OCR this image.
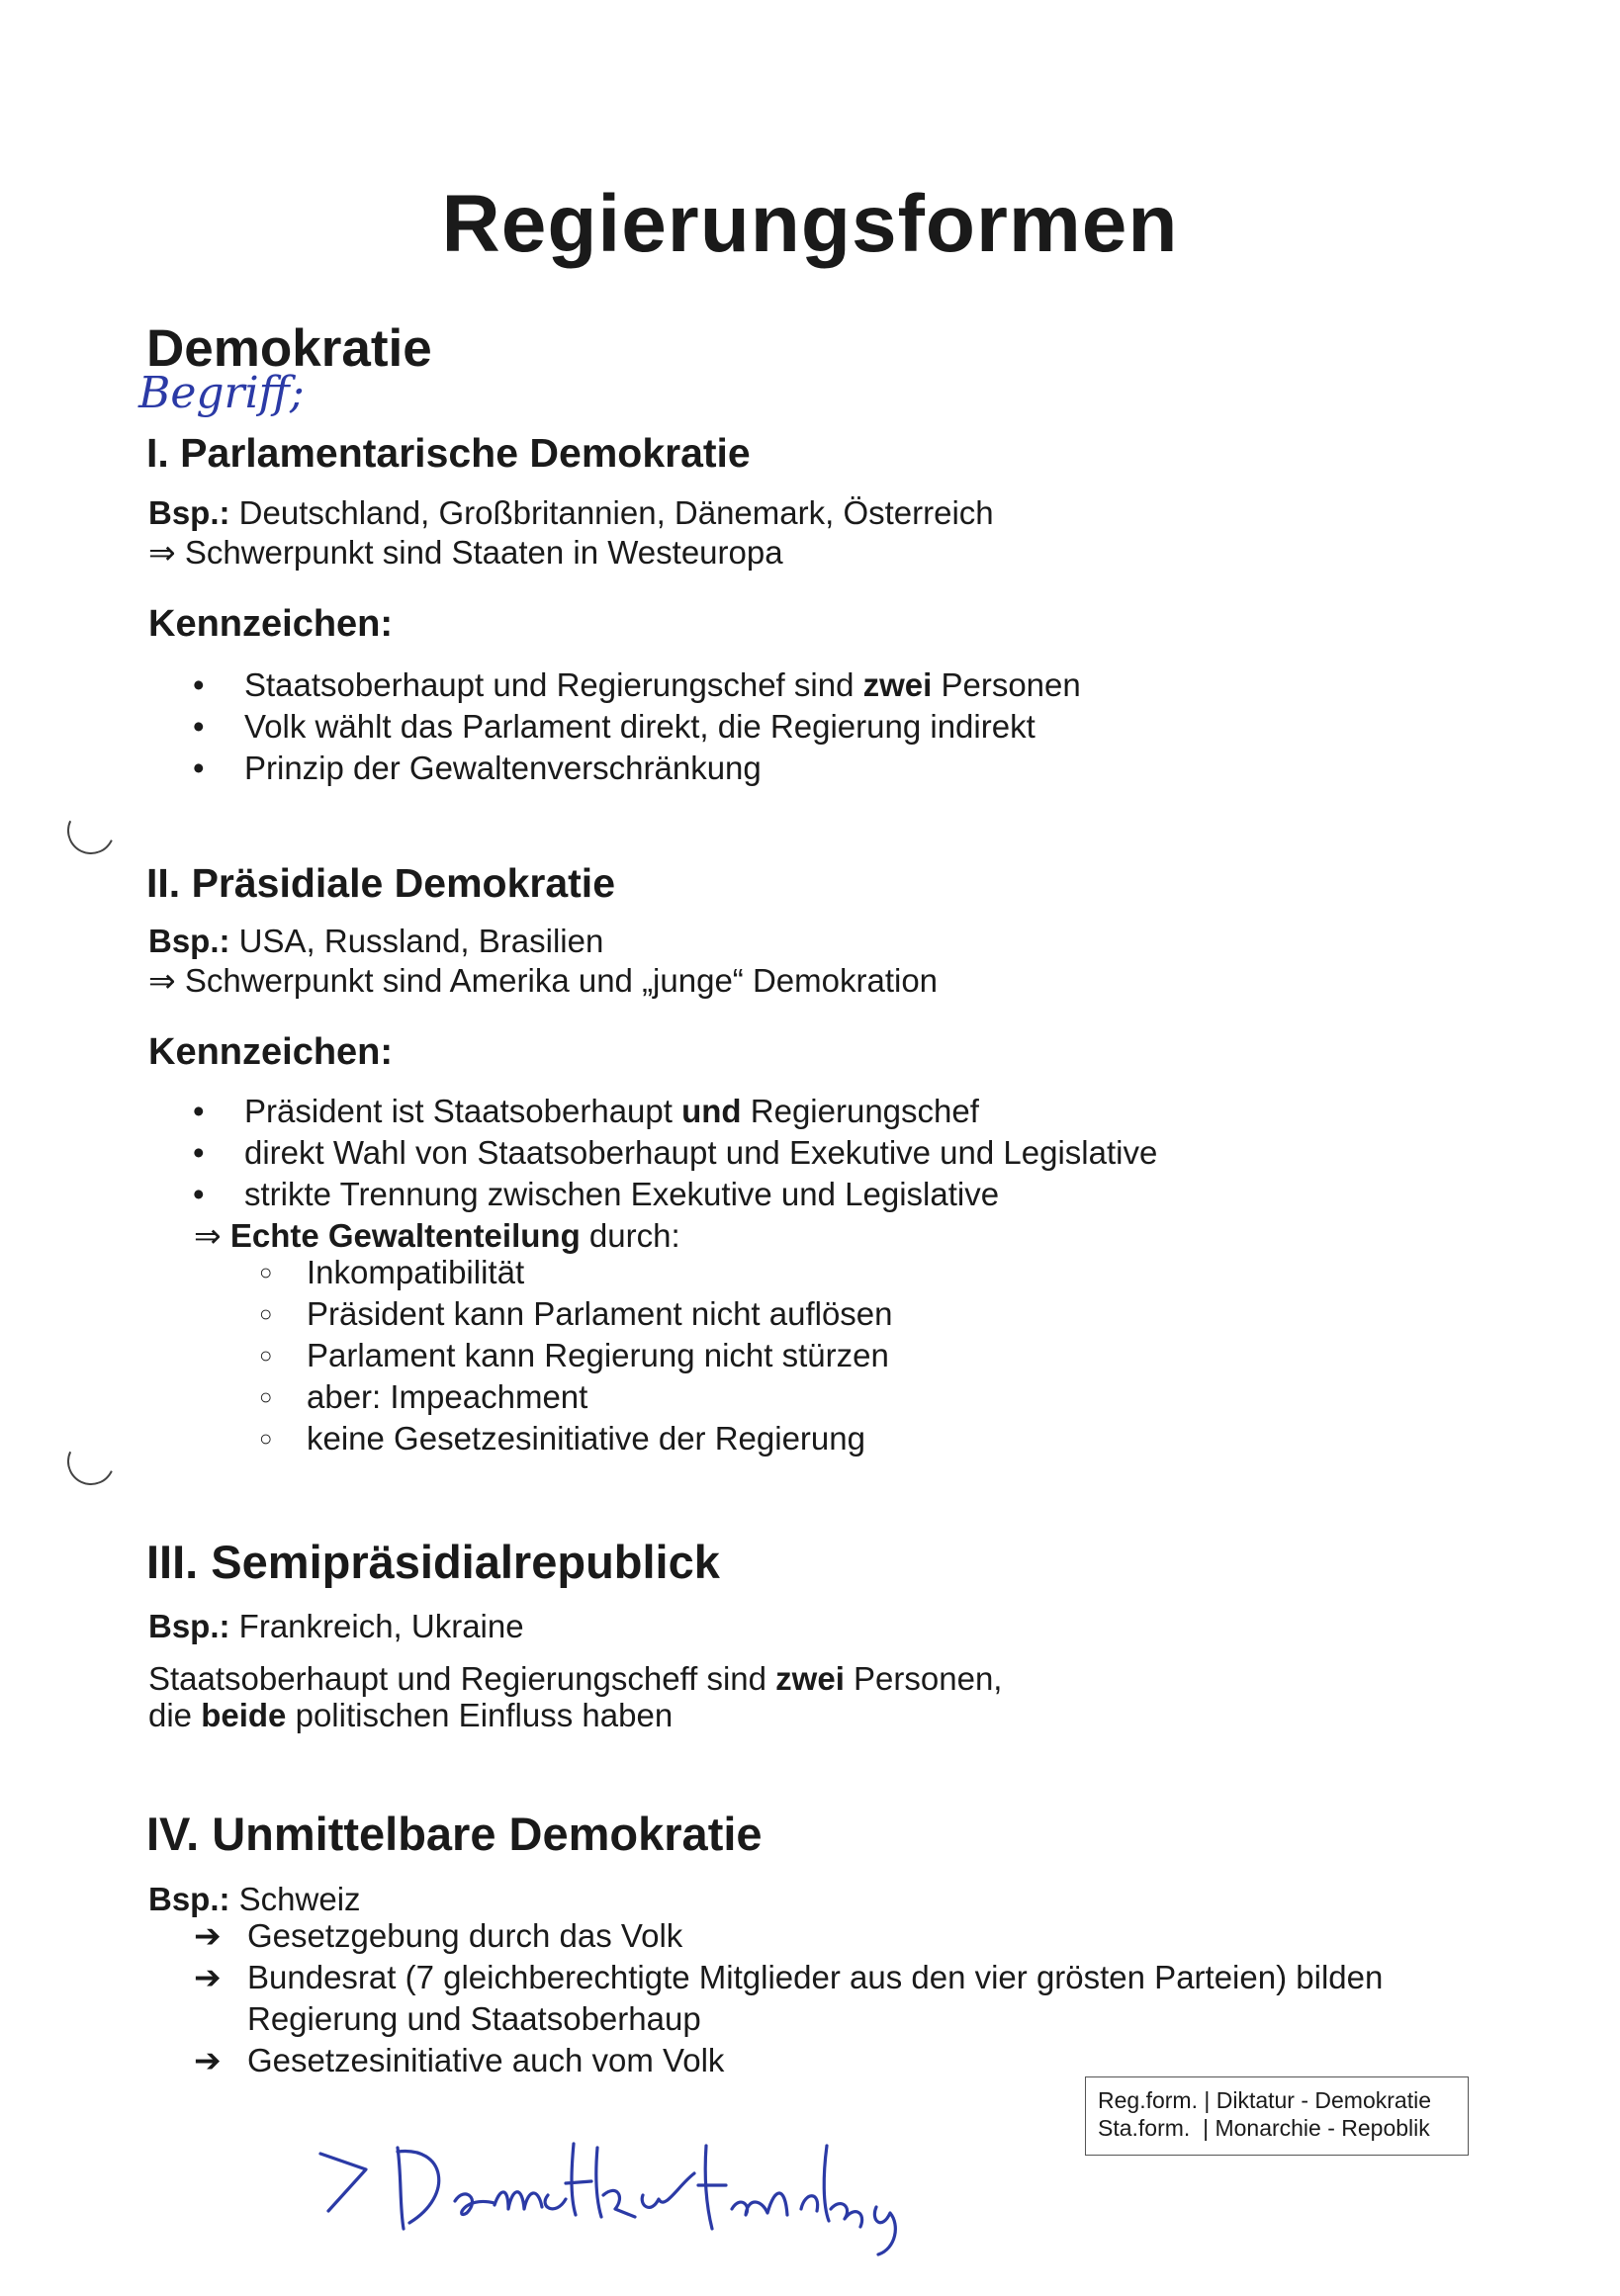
Regierungsformen
Demokratie
Begriff;
I. Parlamentarische Demokratie
Bsp.: Deutschland, Großbritannien, Dänemark, Österreich
⇒ Schwerpunkt sind Staaten in Westeuropa
Kennzeichen:
• Staatsoberhaupt und Regierungschef sind zwei Personen
• Volk wählt das Parlament direkt, die Regierung indirekt
• Prinzip der Gewaltenverschränkung
II. Präsidiale Demokratie
Bsp.: USA, Russland, Brasilien
⇒ Schwerpunkt sind Amerika und „junge“ Demokration
Kennzeichen:
• Präsident ist Staatsoberhaupt und Regierungschef
• direkt Wahl von Staatsoberhaupt und Exekutive und Legislative
• strikte Trennung zwischen Exekutive und Legislative
⇒ Echte Gewaltenteilung durch:
○ Inkompatibilität
○ Präsident kann Parlament nicht auflösen
○ Parlament kann Regierung nicht stürzen
○ aber: Impeachment
○ keine Gesetzesinitiative der Regierung
III. Semipräsidialrepublick
Bsp.: Frankreich, Ukraine
Staatsoberhaupt und Regierungscheff sind zwei Personen,
die beide politischen Einfluss haben
IV. Unmittelbare Demokratie
Bsp.: Schweiz
➔ Gesetzgebung durch das Volk
➔ Bundesrat (7 gleichberechtigte Mitglieder aus den vier grösten Parteien) bilden Regierung und Staatsoberhaup
➔ Gesetzesinitiative auch vom Volk
Reg.form. | Diktatur - Demokratie
Sta.form.  | Monarchie - Repoblik
